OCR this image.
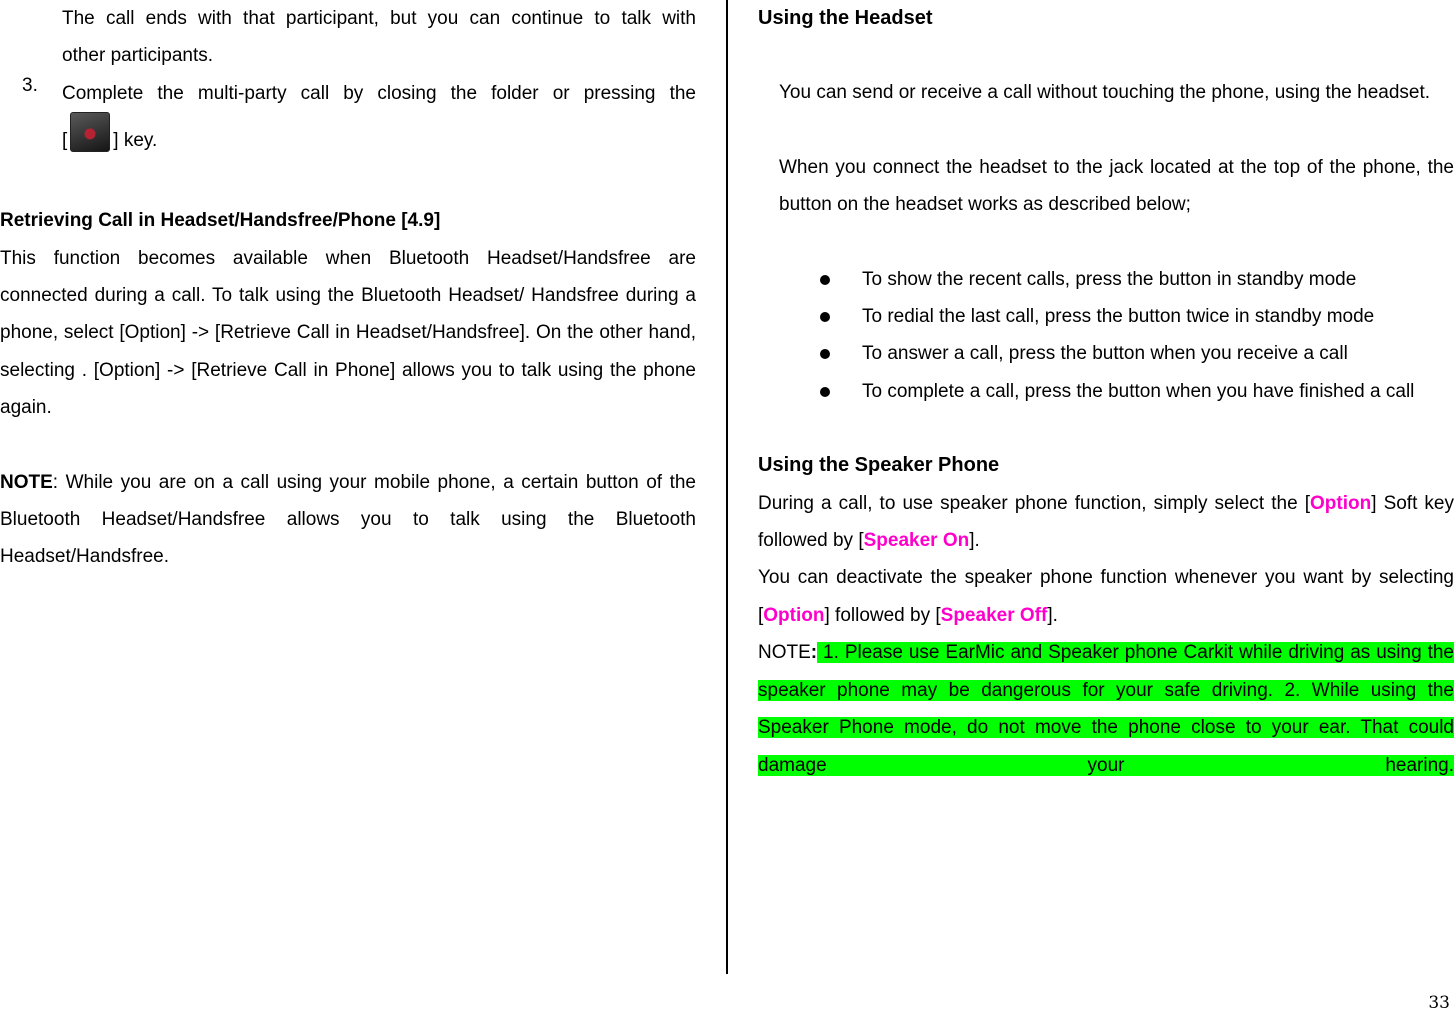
The call ends with that participant, but you can continue to talk with

other participants.

3.	Complete the multi-party call by closing the folder or pressing the

[ ] key.

Retrieving Call in Headset/Handsfree/Phone [4.9]

This function becomes available when Bluetooth Headset/Handsfree are connected during a call. To talk using the Bluetooth Headset/ Handsfree during a phone, select [Option] -> [Retrieve Call in Headset/Handsfree]. On the other hand, selecting . [Option] -> [Retrieve Call in Phone] allows you to talk using the phone again.

NOTE: While you are on a call using your mobile phone, a certain button of the Bluetooth Headset/Handsfree allows you to talk using the Bluetooth Headset/Handsfree.

Using the Headset

You can send or receive a call without touching the phone, using the headset.

When you connect the headset to the jack located at the top of the phone, the button on the headset works as described below;

To show the recent calls, press the button in standby mode

To redial the last call, press the button twice in standby mode

To answer a call, press the button when you receive a call

To complete a call, press the button when you have finished a call

Using the Speaker Phone

During a call, to use speaker phone function, simply select the [Option] Soft key followed by [Speaker On].

You can deactivate the speaker phone function whenever you want by selecting [Option] followed by [Speaker Off].

NOTE: 1. Please use EarMic and Speaker phone Carkit while driving as using the speaker phone may be dangerous for your safe driving. 2. While using the Speaker Phone mode, do not move the phone close to your ear. That could damage your hearing.

33
